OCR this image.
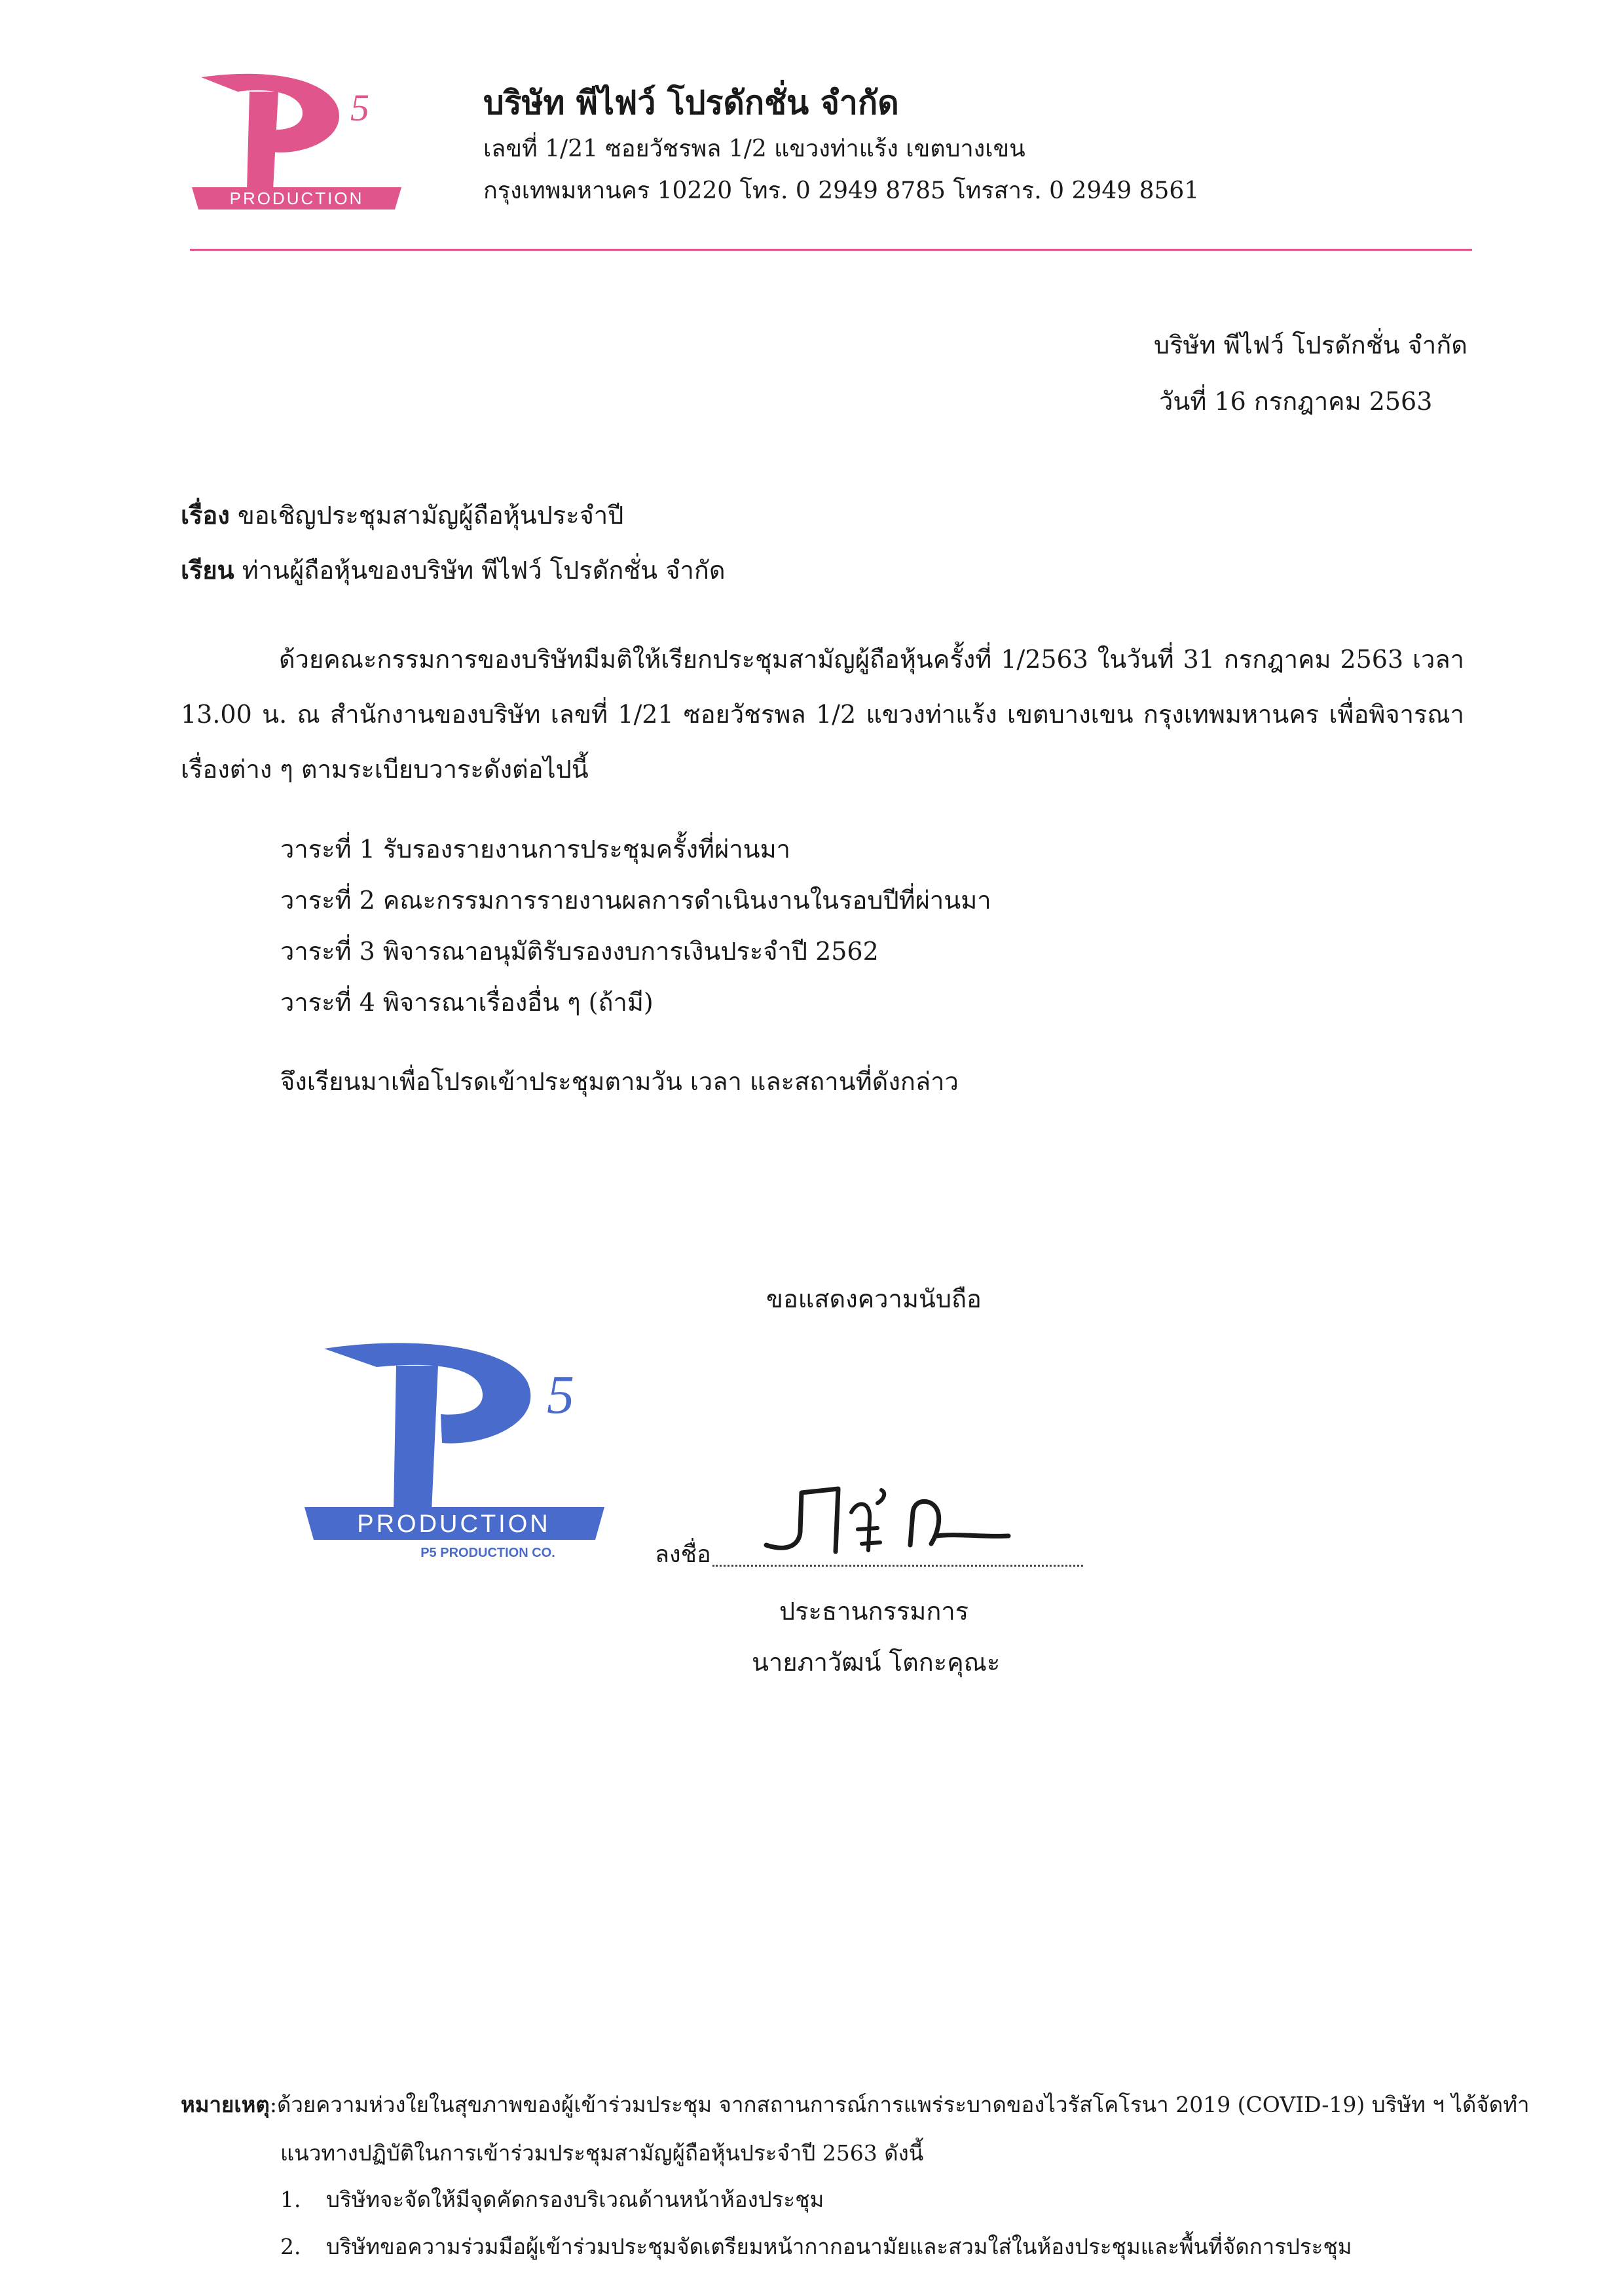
5
PRODUCTION
บริษัท พีไฟว์ โปรดักชั่น จำกัด
เลขที่ 1/21 ซอยวัชรพล 1/2 แขวงท่าแร้ง เขตบางเขน
กรุงเทพมหานคร 10220 โทร. 0 2949 8785 โทรสาร. 0 2949 8561
บริษัท พีไฟว์ โปรดักชั่น จำกัด
วันที่ 16 กรกฎาคม 2563
เรื่อง ขอเชิญประชุมสามัญผู้ถือหุ้นประจำปี
เรียน ท่านผู้ถือหุ้นของบริษัท พีไฟว์ โปรดักชั่น จำกัด
ด้วยคณะกรรมการของบริษัทมีมติให้เรียกประชุมสามัญผู้ถือหุ้นครั้งที่ 1/2563 ในวันที่ 31 กรกฎาคม 2563 เวลา 13.00 น. ณ สำนักงานของบริษัท เลขที่ 1/21 ซอยวัชรพล 1/2 แขวงท่าแร้ง เขตบางเขน กรุงเทพมหานคร เพื่อพิจารณาเรื่องต่าง ๆ ตามระเบียบวาระดังต่อไปนี้
วาระที่ 1 รับรองรายงานการประชุมครั้งที่ผ่านมา
วาระที่ 2 คณะกรรมการรายงานผลการดำเนินงานในรอบปีที่ผ่านมา
วาระที่ 3 พิจารณาอนุมัติรับรองงบการเงินประจำปี 2562
วาระที่ 4 พิจารณาเรื่องอื่น ๆ (ถ้ามี)
จึงเรียนมาเพื่อโปรดเข้าประชุมตามวัน เวลา และสถานที่ดังกล่าว
ขอแสดงความนับถือ
5
PRODUCTION
P5 PRODUCTION CO.	ลงชื่อ
ประธานกรรมการ
นายภาวัฒน์ โตกะคุณะ
หมายเหตุ:ด้วยความห่วงใยในสุขภาพของผู้เข้าร่วมประชุม จากสถานการณ์การแพร่ระบาดของไวรัสโคโรนา 2019 (COVID-19) บริษัท ฯ ได้จัดทำ
แนวทางปฏิบัติในการเข้าร่วมประชุมสามัญผู้ถือหุ้นประจำปี 2563 ดังนี้
1. บริษัทจะจัดให้มีจุดคัดกรองบริเวณด้านหน้าห้องประชุม
2. บริษัทขอความร่วมมือผู้เข้าร่วมประชุมจัดเตรียมหน้ากากอนามัยและสวมใส่ในห้องประชุมและพื้นที่จัดการประชุม
